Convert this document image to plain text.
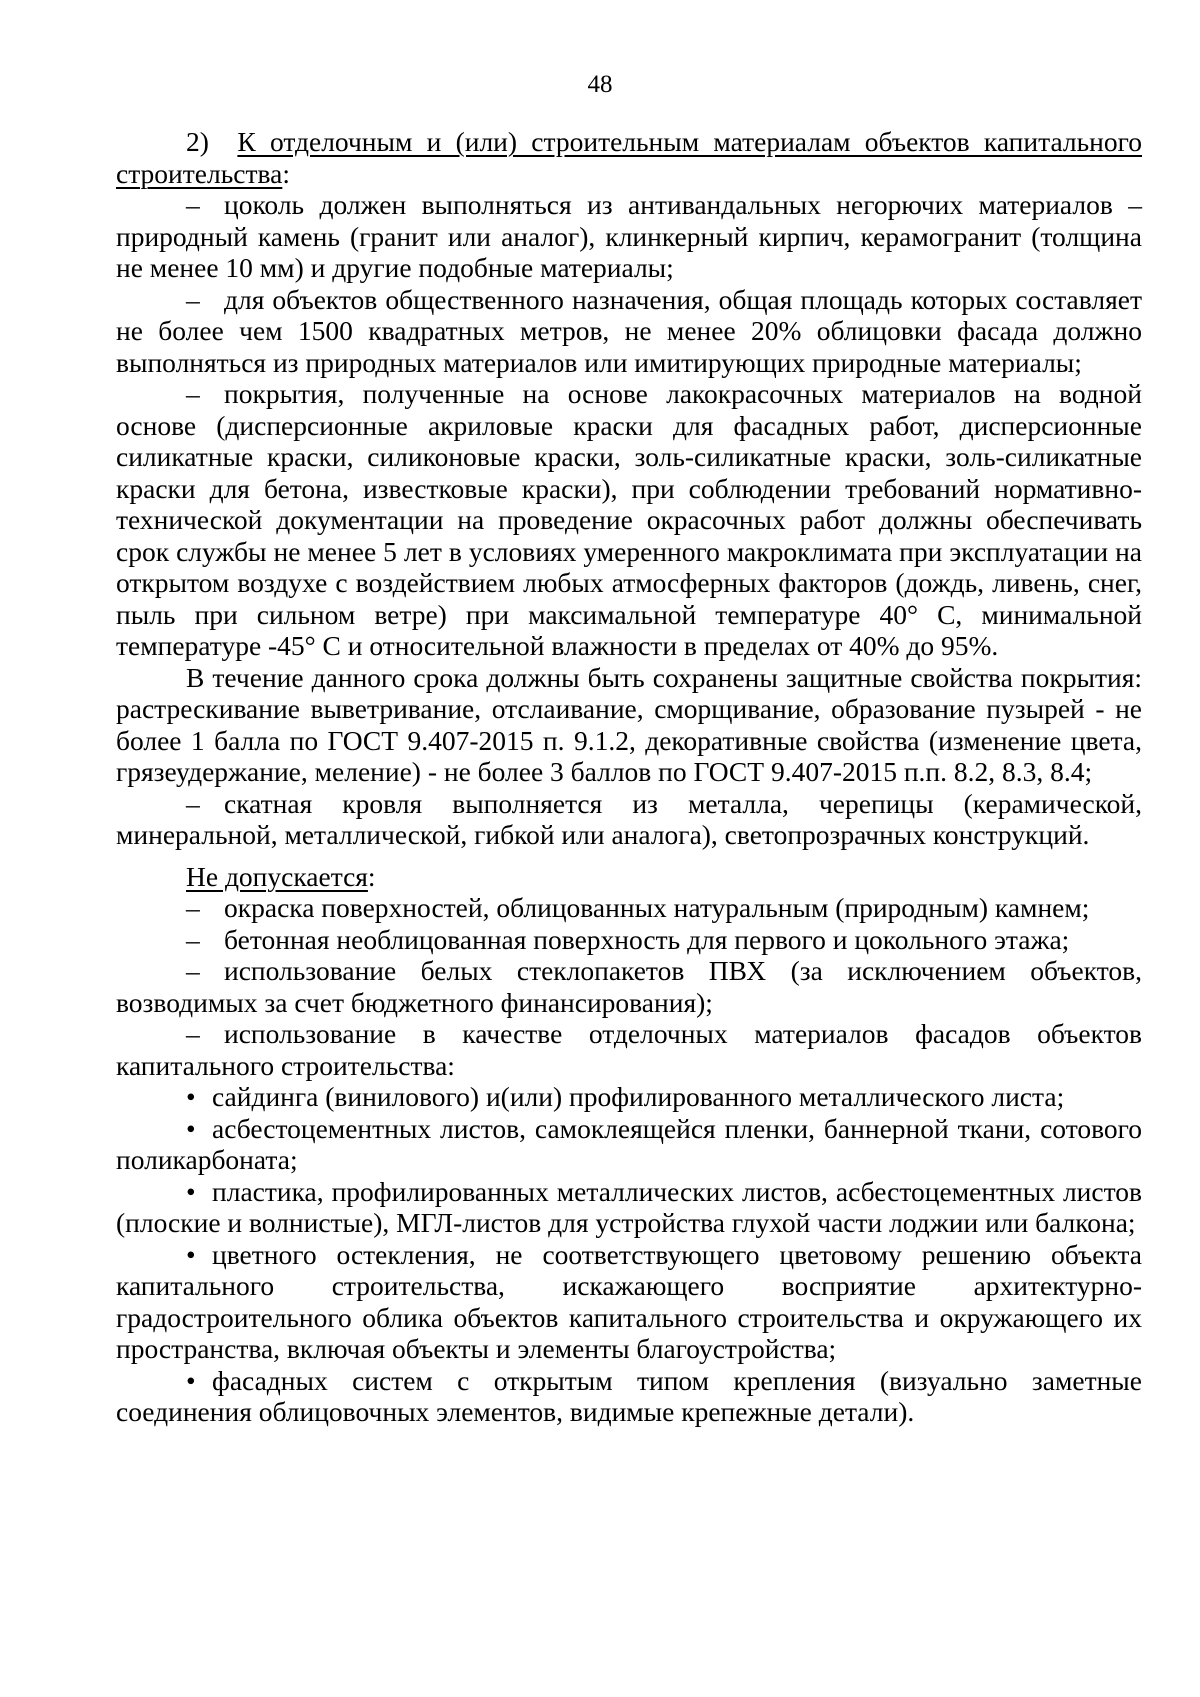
48

2) К отделочным и (или) строительным материалам объектов капитального строительства:

– цоколь должен выполняться из антивандальных негорючих материалов – природный камень (гранит или аналог), клинкерный кирпич, керамогранит (толщина не менее 10 мм) и другие подобные материалы;

– для объектов общественного назначения, общая площадь которых составляет не более чем 1500 квадратных метров, не менее 20% облицовки фасада должно выполняться из природных материалов или имитирующих природные материалы;

– покрытия, полученные на основе лакокрасочных материалов на водной основе (дисперсионные акриловые краски для фасадных работ, дисперсионные силикатные краски, силиконовые краски, золь-силикатные краски, золь-силикатные краски для бетона, известковые краски), при соблюдении требований нормативно-технической документации на проведение окрасочных работ должны обеспечивать срок службы не менее 5 лет в условиях умеренного макроклимата при эксплуатации на открытом воздухе с воздействием любых атмосферных факторов (дождь, ливень, снег, пыль при сильном ветре) при максимальной температуре 40° С, минимальной температуре -45° С и относительной влажности в пределах от 40% до 95%.

В течение данного срока должны быть сохранены защитные свойства покрытия: растрескивание выветривание, отслаивание, сморщивание, образование пузырей - не более 1 балла по ГОСТ 9.407-2015 п. 9.1.2, декоративные свойства (изменение цвета, грязеудержание, меление) - не более 3 баллов по ГОСТ 9.407-2015 п.п. 8.2, 8.3, 8.4;

– скатная кровля выполняется из металла, черепицы (керамической, минеральной, металлической, гибкой или аналога), светопрозрачных конструкций.

Не допускается:

– окраска поверхностей, облицованных натуральным (природным) камнем;

– бетонная необлицованная поверхность для первого и цокольного этажа;

– использование белых стеклопакетов ПВХ (за исключением объектов, возводимых за счет бюджетного финансирования);

– использование в качестве отделочных материалов фасадов объектов капитального строительства:

• сайдинга (винилового) и(или) профилированного металлического листа;

• асбестоцементных листов, самоклеящейся пленки, баннерной ткани, сотового поликарбоната;

• пластика, профилированных металлических листов, асбестоцементных листов (плоские и волнистые), МГЛ-листов для устройства глухой части лоджии или балкона;

• цветного остекления, не соответствующего цветовому решению объекта капитального строительства, искажающего восприятие архитектурно-градостроительного облика объектов капитального строительства и окружающего их пространства, включая объекты и элементы благоустройства;

• фасадных систем с открытым типом крепления (визуально заметные соединения облицовочных элементов, видимые крепежные детали).
